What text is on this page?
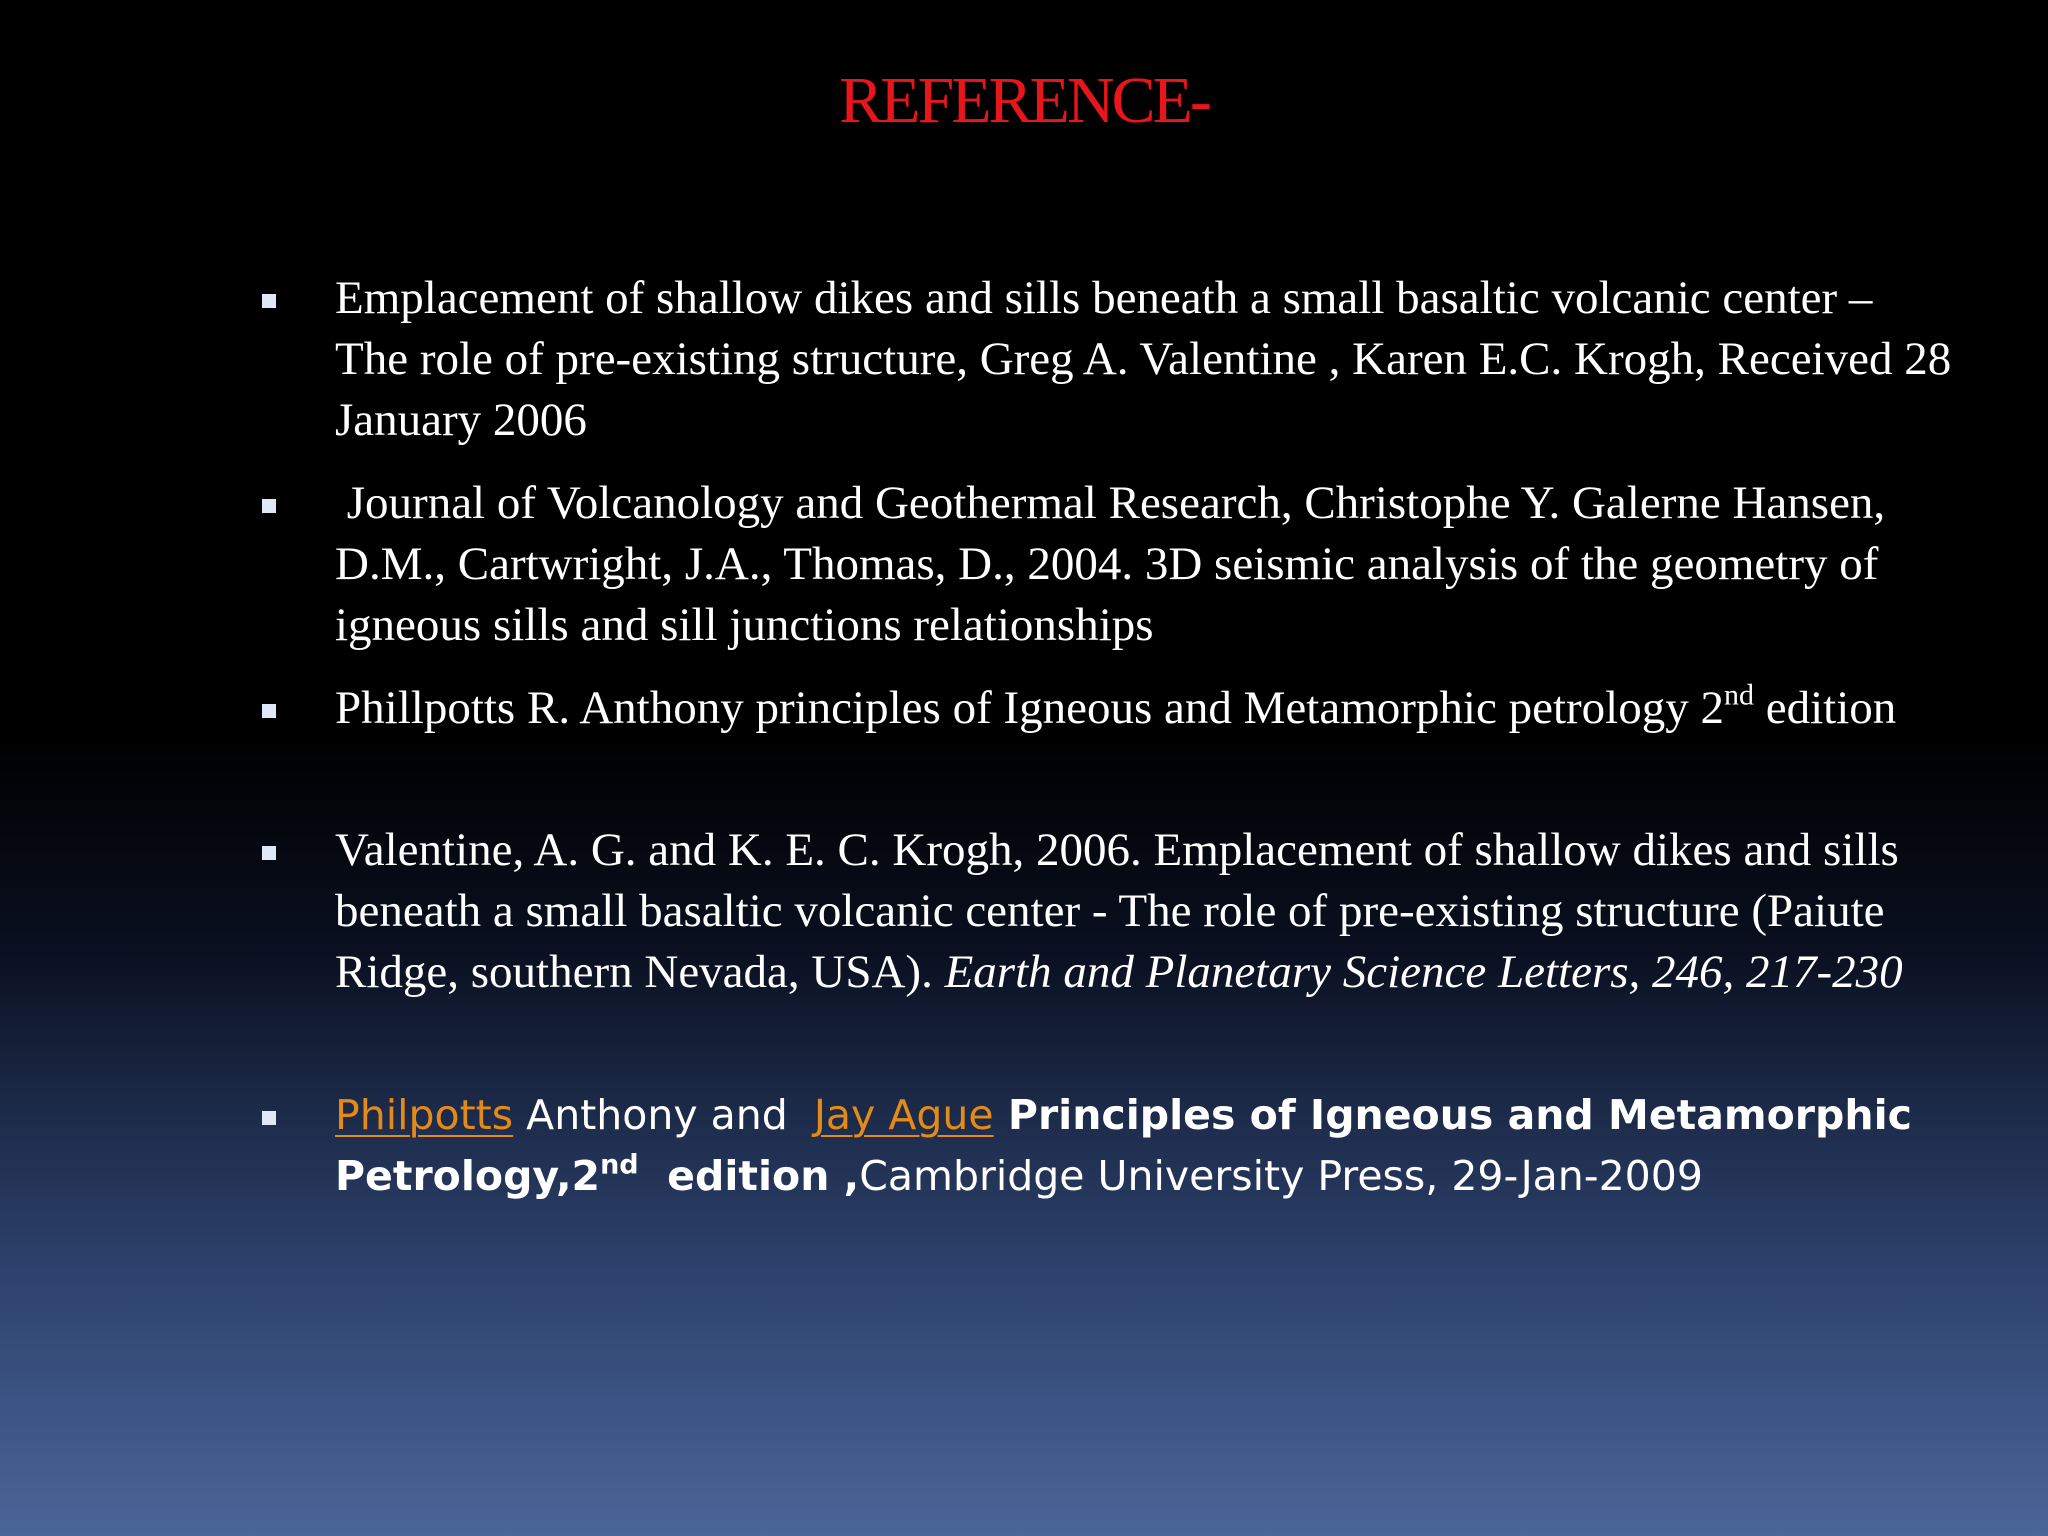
REFERENCE-
Emplacement of shallow dikes and sills beneath a small basaltic volcanic center – The role of pre-existing structure, Greg A. Valentine , Karen E.C. Krogh, Received 28 January 2006
Journal of Volcanology and Geothermal Research, Christophe Y. Galerne Hansen, D.M., Cartwright, J.A., Thomas, D., 2004. 3D seismic analysis of the geometry of igneous sills and sill junctions relationships
Phillpotts R. Anthony principles of Igneous and Metamorphic petrology 2nd edition
Valentine, A. G. and K. E. C. Krogh, 2006. Emplacement of shallow dikes and sills beneath a small basaltic volcanic center - The role of pre-existing structure (Paiute Ridge, southern Nevada, USA). Earth and Planetary Science Letters, 246, 217-230
Philpotts Anthony and  Jay Ague Principles of Igneous and Metamorphic Petrology,2nd  edition ,Cambridge University Press, 29-Jan-2009
